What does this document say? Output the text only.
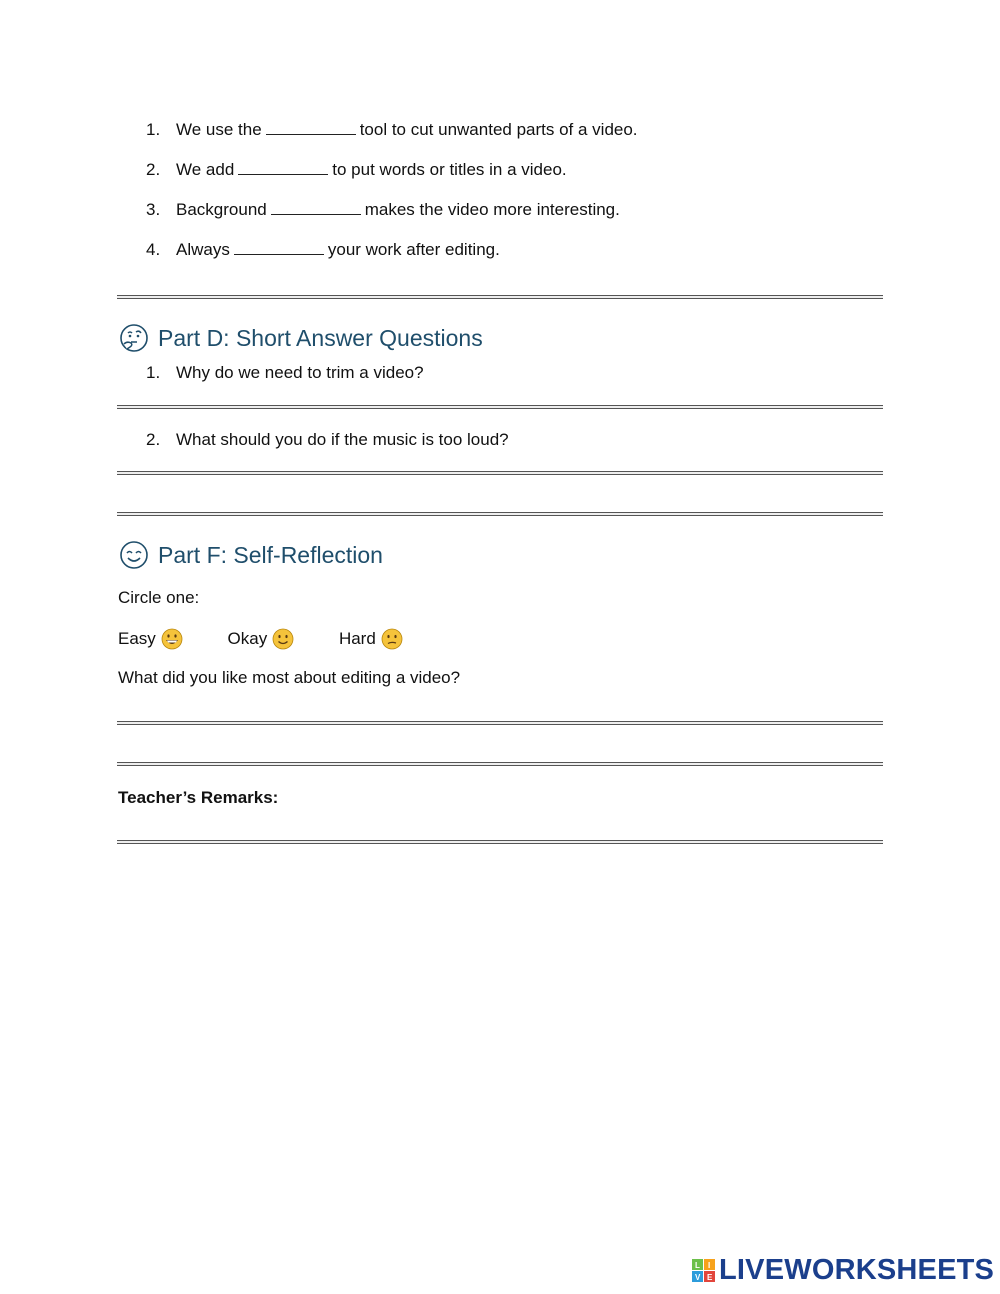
1. We use the	tool to cut unwanted parts of a video.
2. We add	to put words or titles in a video.
3. Background	makes the video more interesting.
4. Always	your work after editing.
Part D: Short Answer Questions
1. Why do we need to trim a video?
2. What should you do if the music is too loud?
Part F: Self-Reflection
Circle one:
Easy
	Okay
	Hard
What did you like most about editing a video?
Teacher’s Remarks:
L I
V E LIVEWORKSHEETS
